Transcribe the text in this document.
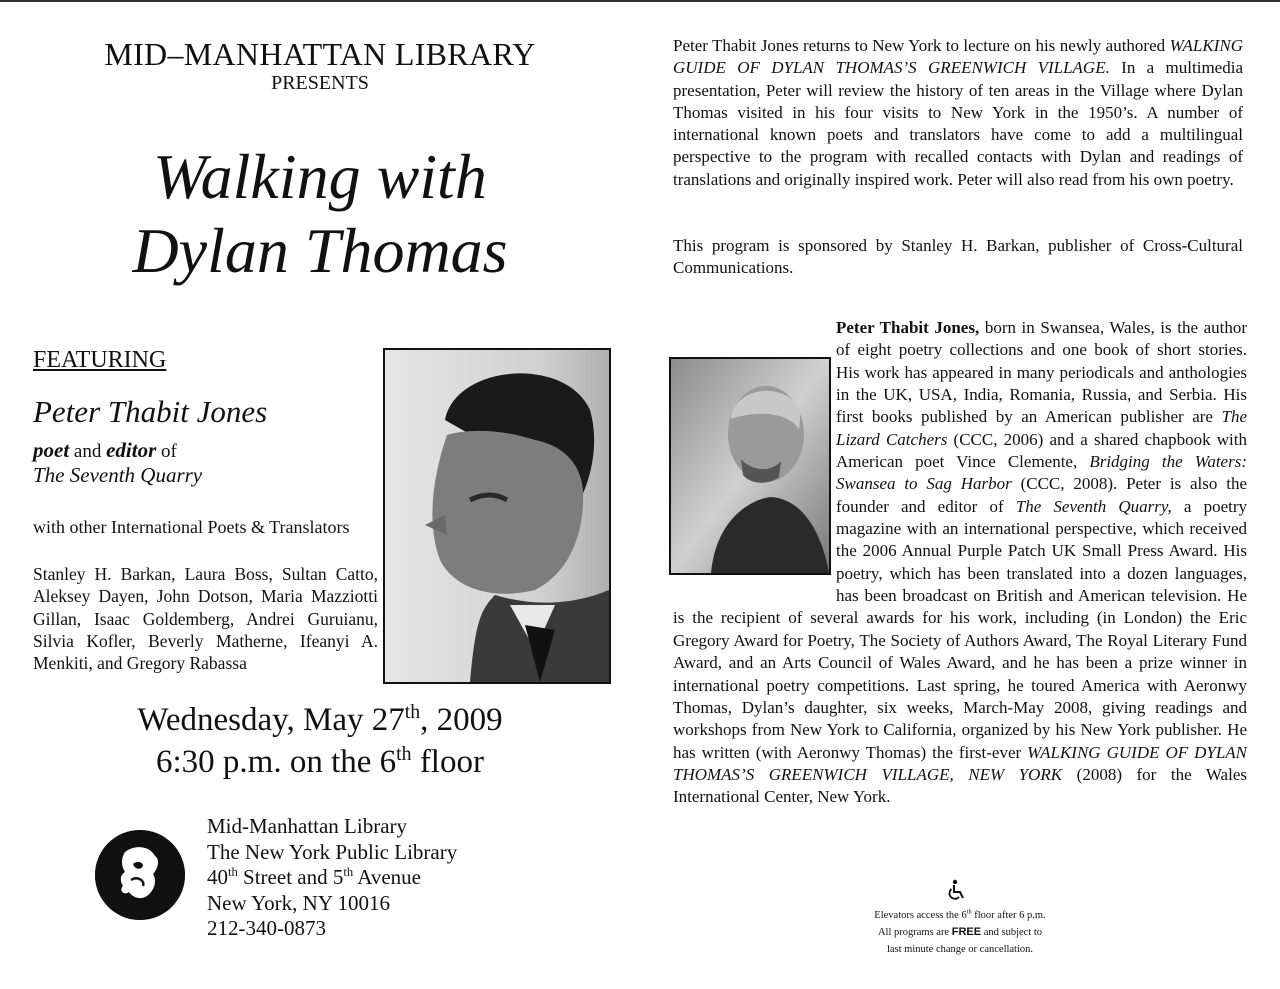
MID–MANHATTAN LIBRARY
PRESENTS
Walking with
Dylan Thomas
FEATURING
Peter Thabit Jones
poet and editor of
The Seventh Quarry
with other International Poets & Translators
Stanley H. Barkan, Laura Boss, Sultan Catto, Aleksey Dayen, John Dotson, Maria Mazziotti Gillan, Isaac Goldemberg, Andrei Guruianu, Silvia Kofler, Beverly Matherne, Ifeanyi A. Menkiti, and Gregory Rabassa
Wednesday, May 27th, 2009
6:30 p.m. on the 6th floor
Mid-Manhattan Library
The New York Public Library
40th Street and 5th Avenue
New York, NY 10016
212-340-0873
Peter Thabit Jones returns to New York to lecture on his newly authored WALKING GUIDE OF DYLAN THOMAS’S GREENWICH VILLAGE. In a multimedia presentation, Peter will review the history of ten areas in the Village where Dylan Thomas visited in his four visits to New York in the 1950’s. A number of international known poets and translators have come to add a multilingual perspective to the program with recalled contacts with Dylan and readings of translations and originally inspired work. Peter will also read from his own poetry.
This program is sponsored by Stanley H. Barkan, publisher of Cross-Cultural Communications.
Peter Thabit Jones, born in Swansea, Wales, is the author of eight poetry collections and one book of short stories. His work has appeared in many periodicals and anthologies in the UK, USA, India, Romania, Russia, and Serbia. His first books published by an American publisher are The Lizard Catchers (CCC, 2006) and a shared chapbook with American poet Vince Clemente, Bridging the Waters: Swansea to Sag Harbor (CCC, 2008). Peter is also the founder and editor of The Seventh Quarry, a poetry magazine with an international perspective, which received the 2006 Annual Purple Patch UK Small Press Award. His poetry, which has been translated into a dozen languages, has been broadcast on British and American television. He is the recipient of several awards for his work, including (in London) the Eric Gregory Award for Poetry, The Society of Authors Award, The Royal Literary Fund Award, and an Arts Council of Wales Award, and he has been a prize winner in international poetry competitions. Last spring, he toured America with Aeronwy Thomas, Dylan’s daughter, six weeks, March-May 2008, giving readings and workshops from New York to California, organized by his New York publisher. He has written (with Aeronwy Thomas) the first-ever WALKING GUIDE OF DYLAN THOMAS’S GREENWICH VILLAGE, NEW YORK (2008) for the Wales International Center, New York.
Elevators access the 6th floor after 6 p.m.
All programs are FREE and subject to
last minute change or cancellation.
